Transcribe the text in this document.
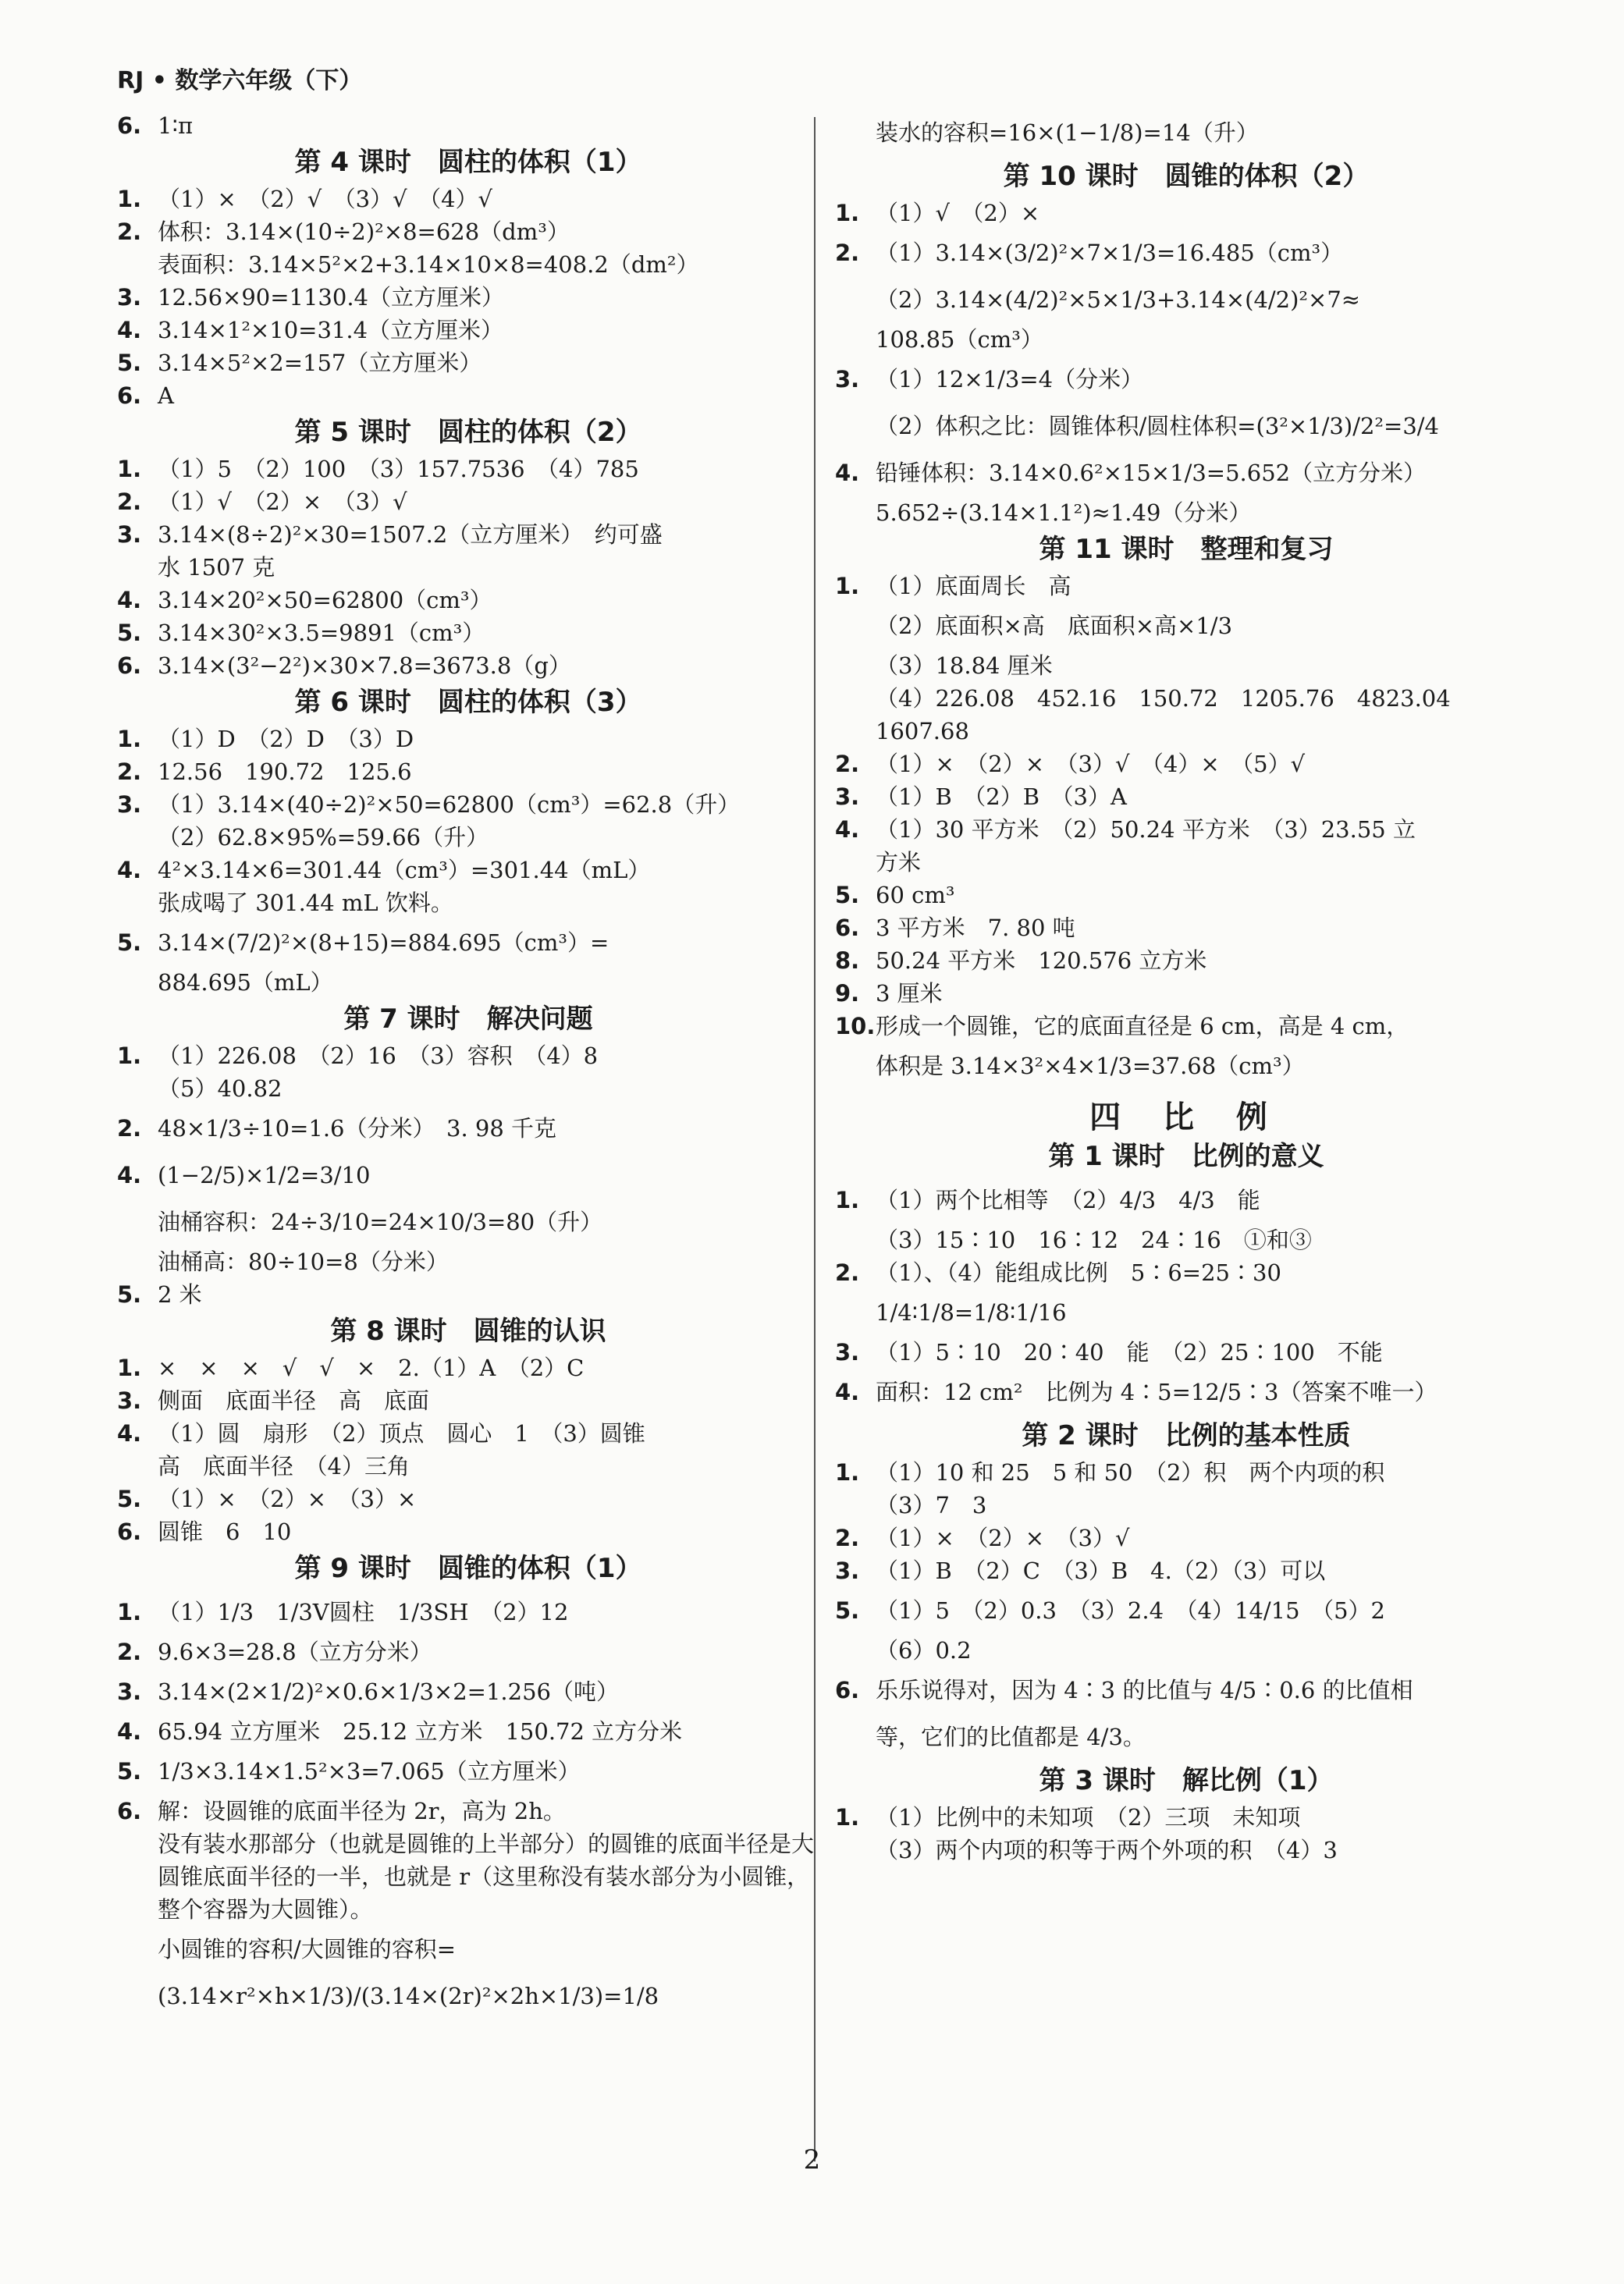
RJ • 数学六年级（下）
6. 1∶π
第 4 课时　圆柱的体积（1）
1. （1）×　（2）√　（3）√　（4）√
2. 体积：3.14×(10÷2)²×8=628（dm³）
表面积：3.14×5²×2+3.14×10×8=408.2（dm²）
3. 12.56×90=1130.4（立方厘米）
4. 3.14×1²×10=31.4（立方厘米）
5. 3.14×5²×2=157（立方厘米）
6. A
第 5 课时　圆柱的体积（2）
1. （1）5　（2）100　（3）157.7536　（4）785
2. （1）√　（2）×　（3）√
3. 3.14×(8÷2)²×30=1507.2（立方厘米）　约可盛
水 1507 克
4. 3.14×20²×50=62800（cm³）
5. 3.14×30²×3.5=9891（cm³）
6. 3.14×(3²−2²)×30×7.8=3673.8（g）
第 6 课时　圆柱的体积（3）
1. （1）D　（2）D　（3）D
2. 12.56　190.72　125.6
3. （1）3.14×(40÷2)²×50=62800（cm³）=62.8（升）
（2）62.8×95%=59.66（升）
4. 4²×3.14×6=301.44（cm³）=301.44（mL）
张成喝了 301.44 mL 饮料。
5. 3.14×(7/2)²×(8+15)=884.695（cm³）=
884.695（mL）
第 7 课时　解决问题
1. （1）226.08　（2）16　（3）容积　（4）8
（5）40.82
2. 48×1/3÷10=1.6（分米）　3. 98 千克
4. (1−2/5)×1/2=3/10
油桶容积：24÷3/10=24×10/3=80（升）
油桶高：80÷10=8（分米）
5. 2 米
第 8 课时　圆锥的认识
1. ×　×　×　√　√　×　2.（1）A　（2）C
3. 侧面　底面半径　高　底面
4. （1）圆　扇形　（2）顶点　圆心　1　（3）圆锥
高　底面半径　（4）三角
5. （1）×　（2）×　（3）×
6. 圆锥　6　10
第 9 课时　圆锥的体积（1）
1. （1）1/3　1/3V圆柱　1/3SH　（2）12
2. 9.6×3=28.8（立方分米）
3. 3.14×(2×1/2)²×0.6×1/3×2=1.256（吨）
4. 65.94 立方厘米　25.12 立方米　150.72 立方分米
5. 1/3×3.14×1.5²×3=7.065（立方厘米）
6. 解：设圆锥的底面半径为 2r，高为 2h。
没有装水那部分（也就是圆锥的上半部分）的圆锥的底面半径是大圆锥底面半径的一半，也就是 r（这里称没有装水部分为小圆锥，整个容器为大圆锥）。
小圆锥的容积/大圆锥的容积=(3.14×r²×h×1/3)/(3.14×(2r)²×2h×1/3)=1/8
装水的容积=16×(1−1/8)=14（升）
第 10 课时　圆锥的体积（2）
1. （1）√　（2）×
2. （1）3.14×(3/2)²×7×1/3=16.485（cm³）
（2）3.14×(4/2)²×5×1/3+3.14×(4/2)²×7≈
108.85（cm³）
3. （1）12×1/3=4（分米）
（2）体积之比：圆锥体积/圆柱体积=(3²×1/3)/2²=3/4
4. 铅锤体积：3.14×0.6²×15×1/3=5.652（立方分米）
5.652÷(3.14×1.1²)≈1.49（分米）
第 11 课时　整理和复习
1. （1）底面周长　高
（2）底面积×高　底面积×高×1/3
（3）18.84 厘米
（4）226.08　452.16　150.72　1205.76　4823.04
1607.68
2. （1）×　（2）×　（3）√　（4）×　（5）√
3. （1）B　（2）B　（3）A
4. （1）30 平方米　（2）50.24 平方米　（3）23.55 立
方米
5. 60 cm³
6. 3 平方米　7. 80 吨
8. 50.24 平方米　120.576 立方米
9. 3 厘米
10. 形成一个圆锥，它的底面直径是 6 cm，高是 4 cm，
体积是 3.14×3²×4×1/3=37.68（cm³）
四 比 例
第 1 课时　比例的意义
1. （1）两个比相等　（2）4/3　4/3　能
（3）15∶10　16∶12　24∶16　①和③
2. （1）、（4）能组成比例　5∶6=25∶30
1/4∶1/8=1/8∶1/16
3. （1）5∶10　20∶40　能　（2）25∶100　不能
4. 面积：12 cm²　比例为 4∶5=12/5∶3（答案不唯一）
第 2 课时　比例的基本性质
1. （1）10 和 25　5 和 50　（2）积　两个内项的积
（3）7　3
2. （1）×　（2）×　（3）√
3. （1）B　（2）C　（3）B　4.（2）（3）可以
5. （1）5　（2）0.3　（3）2.4　（4）14/15　（5）2
（6）0.2
6. 乐乐说得对，因为 4∶3 的比值与 4/5∶0.6 的比值相
等，它们的比值都是 4/3。
第 3 课时　解比例（1）
1. （1）比例中的未知项　（2）三项　未知项
（3）两个内项的积等于两个外项的积　（4）3
2
